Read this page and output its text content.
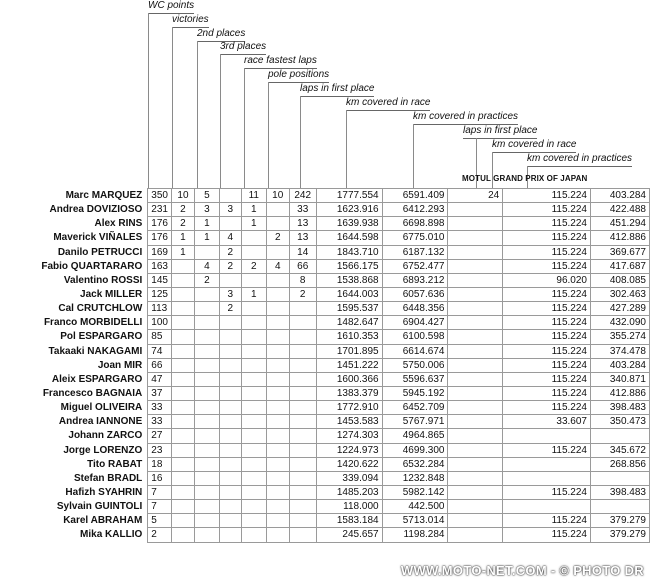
WC points
victories
2nd places
3rd places
race fastest laps
pole positions
laps in first place
km covered in race
km covered in practices
laps in first place
km covered in race
km covered in practices
MOTUL GRAND PRIX OF JAPAN
Marc MARQUEZ	350	10	5		11	10	242	1777.554	6591.409	24	115.224	403.284
Andrea DOVIZIOSO	231	2	3	3	1		33	1623.916	6412.293		115.224	422.488
Alex RINS	176	2	1		1		13	1639.938	6698.898		115.224	451.294
Maverick VIÑALES	176	1	1	4		2	13	1644.598	6775.010		115.224	412.886
Danilo PETRUCCI	169	1		2			14	1843.710	6187.132		115.224	369.677
Fabio QUARTARARO	163		4	2	2	4	66	1566.175	6752.477		115.224	417.687
Valentino ROSSI	145		2				8	1538.868	6893.212		96.020	408.085
Jack MILLER	125			3	1		2	1644.003	6057.636		115.224	302.463
Cal CRUTCHLOW	113			2				1595.537	6448.356		115.224	427.289
Franco MORBIDELLI	100							1482.647	6904.427		115.224	432.090
Pol ESPARGARO	85							1610.353	6100.598		115.224	355.274
Takaaki NAKAGAMI	74							1701.895	6614.674		115.224	374.478
Joan MIR	66							1451.222	5750.006		115.224	403.284
Aleix ESPARGARO	47							1600.366	5596.637		115.224	340.871
Francesco BAGNAIA	37							1383.379	5945.192		115.224	412.886
Miguel OLIVEIRA	33							1772.910	6452.709		115.224	398.483
Andrea IANNONE	33							1453.583	5767.971		33.607	350.473
Johann ZARCO	27							1274.303	4964.865			
Jorge LORENZO	23							1224.973	4699.300		115.224	345.672
Tito RABAT	18							1420.622	6532.284			268.856
Stefan BRADL	16							339.094	1232.848			
Hafizh SYAHRIN	7							1485.203	5982.142		115.224	398.483
Sylvain GUINTOLI	7							118.000	442.500			
Karel ABRAHAM	5							1583.184	5713.014		115.224	379.279
Mika KALLIO	2							245.657	1198.284		115.224	379.279
WWW.MOTO-NET.COM - © PHOTO DR
